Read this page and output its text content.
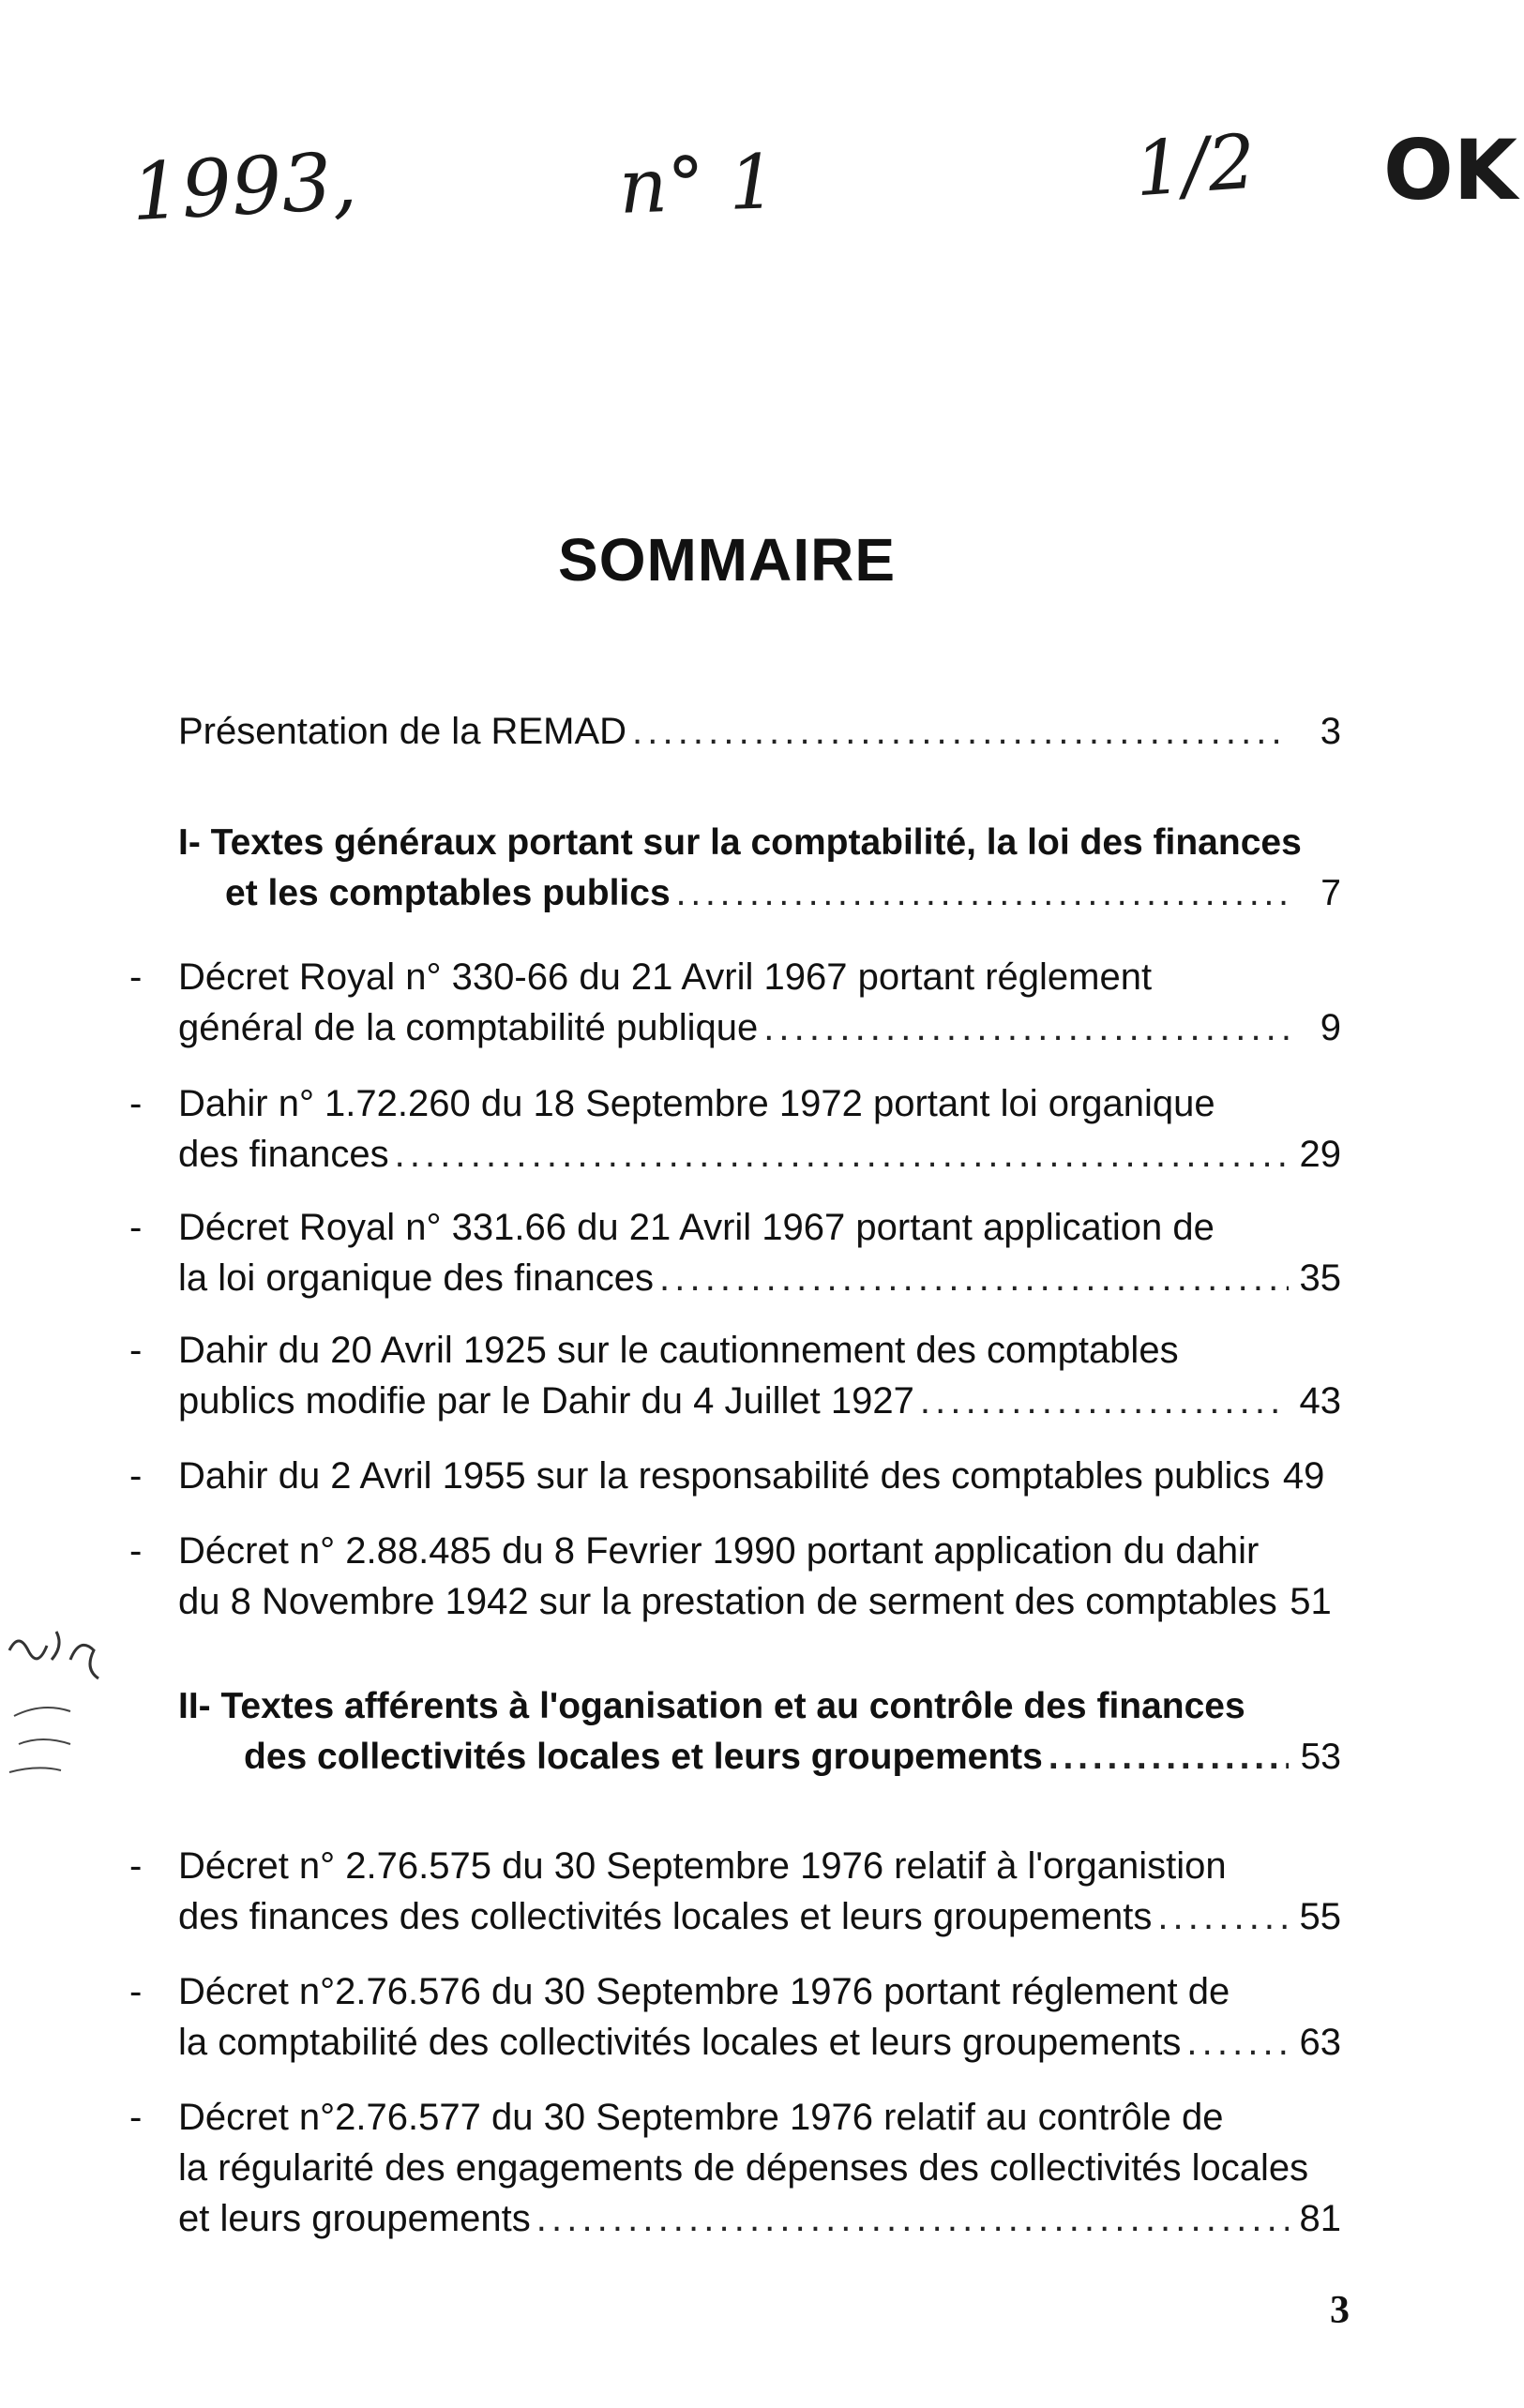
1993,	n° 1	1/2 OK
SOMMAIRE
Présentation de la REMAD . . .	3
I- Textes généraux portant sur la comptabilité, la loi des finances
et les comptables publics . . .	7
- Décret Royal n° 330-66 du 21 Avril 1967 portant réglement
général de la comptabilité publique . . .	9
- Dahir n° 1.72.260 du 18 Septembre 1972 portant loi organique
des finances . . .	29
- Décret Royal n° 331.66 du 21 Avril 1967 portant application de
la loi organique des finances . . .	35
- Dahir du 20 Avril 1925 sur le cautionnement des comptables
publics modifie par le Dahir du 4 Juillet 1927 . . .	43
- Dahir du 2 Avril 1955 sur la responsabilité des comptables publics 49
- Décret n° 2.88.485 du 8 Fevrier 1990 portant application du dahir
du 8 Novembre 1942 sur la prestation de serment des comptables 51
II- Textes afférents à l'oganisation et au contrôle des finances
des collectivités locales et leurs groupements . . .	53
- Décret n° 2.76.575 du 30 Septembre 1976 relatif à l'organistion
des finances des collectivités locales et leurs groupements . . .	55
- Décret n°2.76.576 du 30 Septembre 1976 portant réglement de
la comptabilité des collectivités locales et leurs groupements . . .	63
- Décret n°2.76.577 du 30 Septembre 1976 relatif au contrôle de
la régularité des engagements de dépenses des collectivités locales
et leurs groupements . . .	81
3
